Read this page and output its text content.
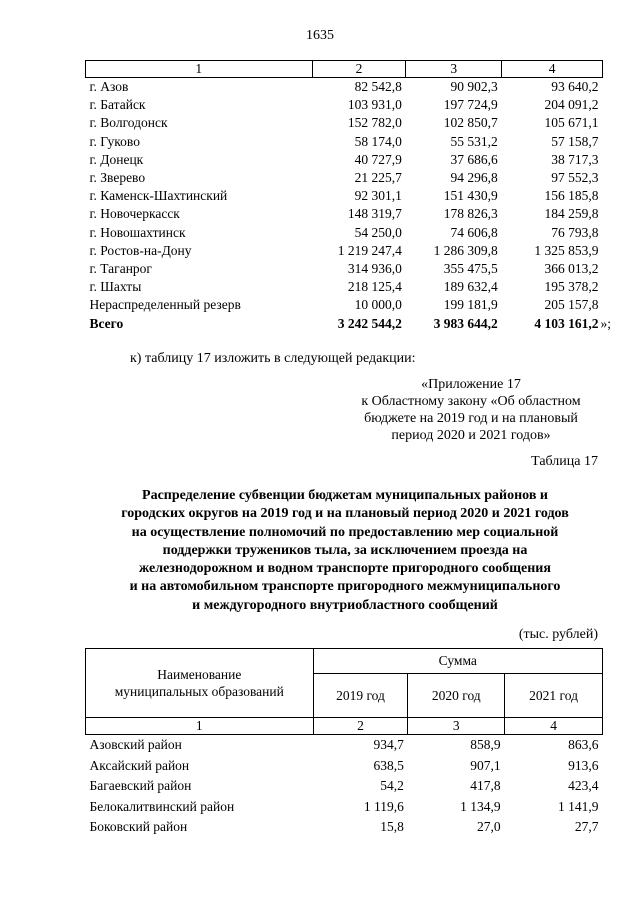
1635
1	2	3	4
г. Азов	82 542,8	90 902,3	93 640,2
г. Батайск	103 931,0	197 724,9	204 091,2
г. Волгодонск	152 782,0	102 850,7	105 671,1
г. Гуково	58 174,0	55 531,2	57 158,7
г. Донецк	40 727,9	37 686,6	38 717,3
г. Зверево	21 225,7	94 296,8	97 552,3
г. Каменск-Шахтинский	92 301,1	151 430,9	156 185,8
г. Новочеркасск	148 319,7	178 826,3	184 259,8
г. Новошахтинск	54 250,0	74 606,8	76 793,8
г. Ростов-на-Дону	1 219 247,4	1 286 309,8	1 325 853,9
г. Таганрог	314 936,0	355 475,5	366 013,2
г. Шахты	218 125,4	189 632,4	195 378,2
Нераспределенный резерв	10 000,0	199 181,9	205 157,8
Всего	3 242 544,2	3 983 644,2	4 103 161,2 »;
к) таблицу 17 изложить в следующей редакции:
«Приложение 17
к Областному закону «Об областном
бюджете на 2019 год и на плановый
период 2020 и 2021 годов»
Таблица 17
Распределение субвенции бюджетам муниципальных районов и
городских округов на 2019 год и на плановый период 2020 и 2021 годов
на осуществление полномочий по предоставлению мер социальной
поддержки тружеников тыла, за исключением проезда на
железнодорожном и водном транспорте пригородного сообщения
и на автомобильном транспорте пригородного межмуниципального
и междугородного внутриобластного сообщений
(тыс. рублей)
Наименование
муниципальных образований	Сумма		
	2019 год	2020 год	2021 год
1	2	3	4
Азовский район	934,7	858,9	863,6
Аксайский район	638,5	907,1	913,6
Багаевский район	54,2	417,8	423,4
Белокалитвинский район	1 119,6	1 134,9	1 141,9
Боковский район	15,8	27,0	27,7
